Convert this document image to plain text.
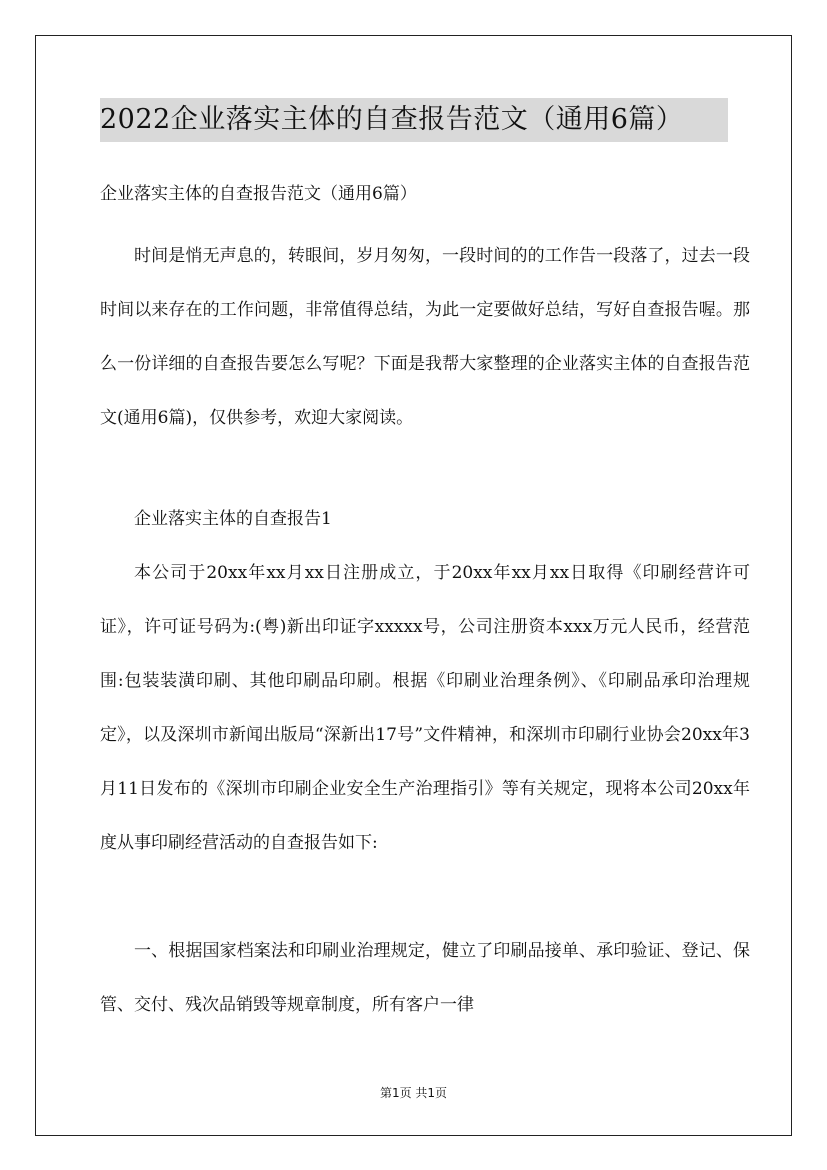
2022企业落实主体的自查报告范文（通用6篇）
企业落实主体的自查报告范文（通用6篇）

时间是悄无声息的，转眼间，岁月匆匆，一段时间的的工作告一段落了，过去一段时间以来存在的工作问题，非常值得总结，为此一定要做好总结，写好自查报告喔。那么一份详细的自查报告要怎么写呢？下面是我帮大家整理的企业落实主体的自查报告范文(通用6篇)，仅供参考，欢迎大家阅读。

企业落实主体的自查报告1

本公司于20xx年xx月xx日注册成立，于20xx年xx月xx日取得《印刷经营许可证》，许可证号码为:(粤)新出印证字xxxxx号，公司注册资本xxx万元人民币，经营范围:包装装潢印刷、其他印刷品印刷。根据《印刷业治理条例》、《印刷品承印治理规定》，以及深圳市新闻出版局“深新出17号”文件精神，和深圳市印刷行业协会20xx年3月11日发布的《深圳市印刷企业安全生产治理指引》等有关规定，现将本公司20xx年度从事印刷经营活动的自查报告如下:

一、根据国家档案法和印刷业治理规定，健立了印刷品接单、承印验证、登记、保管、交付、残次品销毁等规章制度，所有客户一律

第1页 共1页
